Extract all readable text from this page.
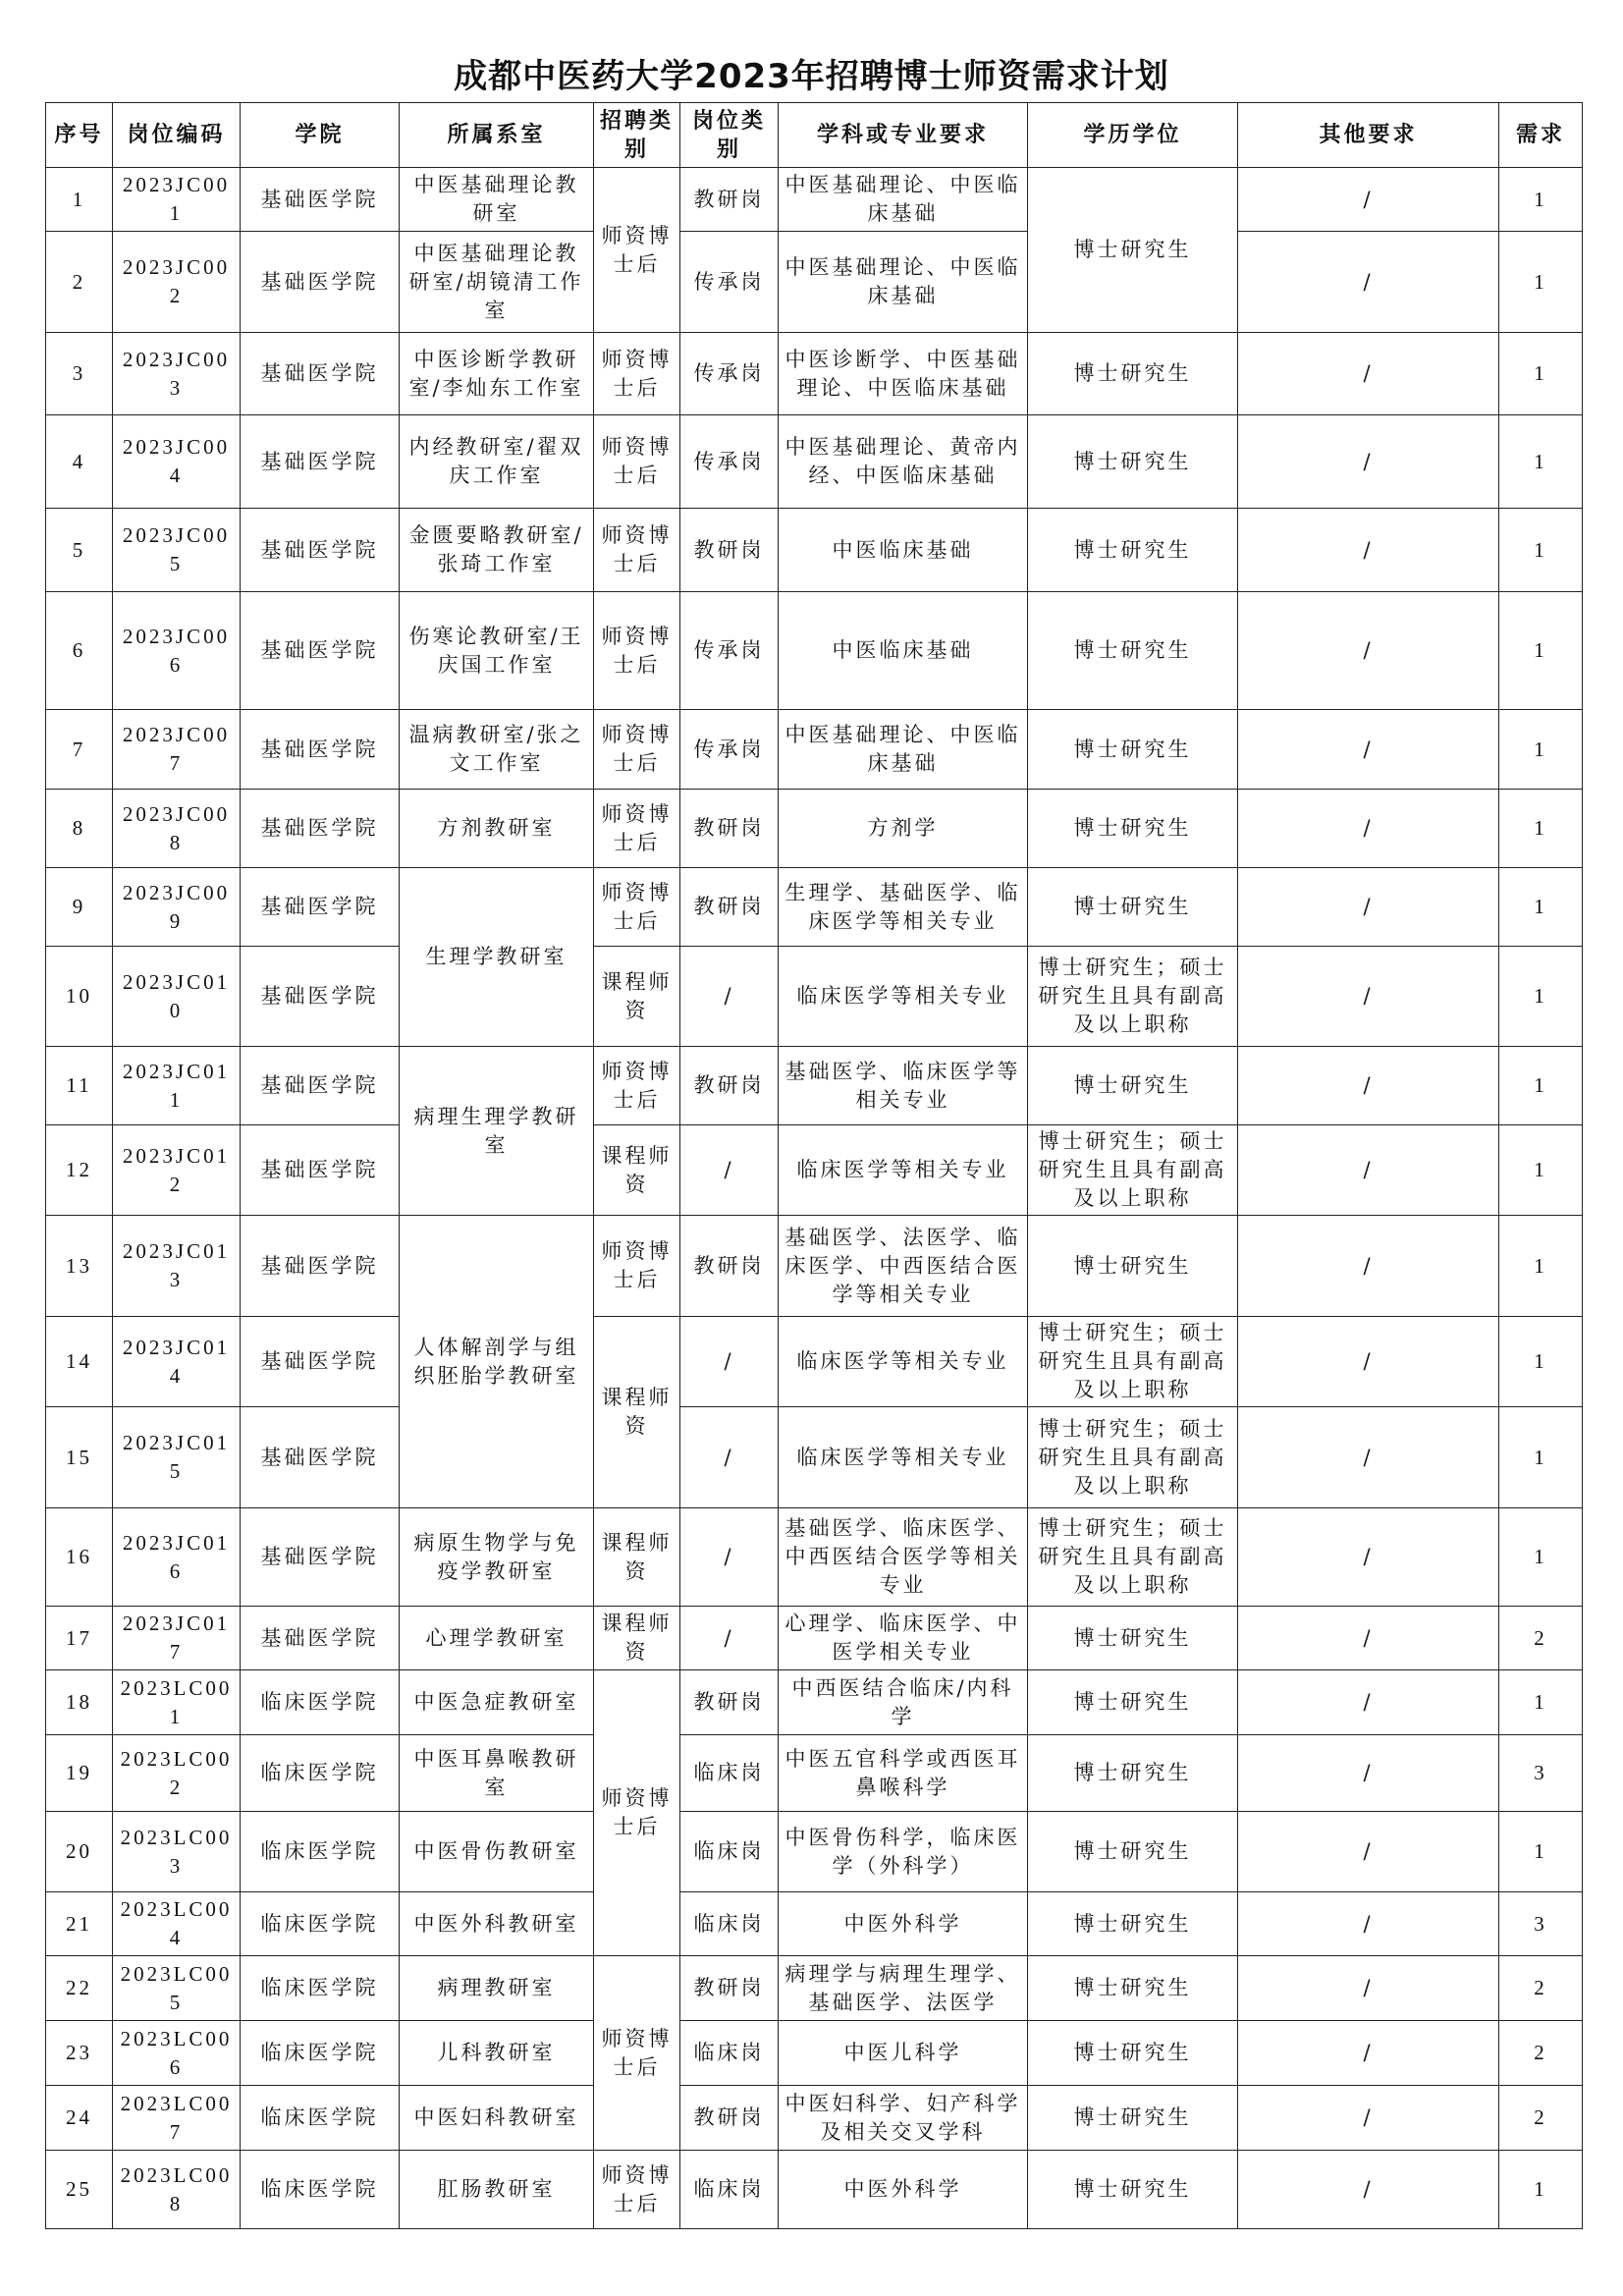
成都中医药大学2023年招聘博士师资需求计划
序号	岗位编码	学院	所属系室	招聘类别	岗位类别	学科或专业要求	学历学位	其他要求	需求
1	2023JC001	基础医学院	中医基础理论教研室	师资博士后	教研岗	中医基础理论、中医临床基础	博士研究生	/	1
2	2023JC002	基础医学院	中医基础理论教研室/胡镜清工作室		传承岗	中医基础理论、中医临床基础		/	1
3	2023JC003	基础医学院	中医诊断学教研室/李灿东工作室	师资博士后	传承岗	中医诊断学、中医基础理论、中医临床基础	博士研究生	/	1
4	2023JC004	基础医学院	内经教研室/翟双庆工作室	师资博士后	传承岗	中医基础理论、黄帝内经、中医临床基础	博士研究生	/	1
5	2023JC005	基础医学院	金匮要略教研室/张琦工作室	师资博士后	教研岗	中医临床基础	博士研究生	/	1
6	2023JC006	基础医学院	伤寒论教研室/王庆国工作室	师资博士后	传承岗	中医临床基础	博士研究生	/	1
7	2023JC007	基础医学院	温病教研室/张之文工作室	师资博士后	传承岗	中医基础理论、中医临床基础	博士研究生	/	1
8	2023JC008	基础医学院	方剂教研室	师资博士后	教研岗	方剂学	博士研究生	/	1
9	2023JC009	基础医学院	生理学教研室	师资博士后	教研岗	生理学、基础医学、临床医学等相关专业	博士研究生	/	1
10	2023JC010	基础医学院		课程师资	/	临床医学等相关专业	博士研究生；硕士研究生且具有副高及以上职称	/	1
11	2023JC011	基础医学院	病理生理学教研室	师资博士后	教研岗	基础医学、临床医学等相关专业	博士研究生	/	1
12	2023JC012	基础医学院		课程师资	/	临床医学等相关专业	博士研究生；硕士研究生且具有副高及以上职称	/	1
13	2023JC013	基础医学院	人体解剖学与组织胚胎学教研室	师资博士后	教研岗	基础医学、法医学、临床医学、中西医结合医学等相关专业	博士研究生	/	1
14	2023JC014	基础医学院		课程师资	/	临床医学等相关专业	博士研究生；硕士研究生且具有副高及以上职称	/	1
15	2023JC015	基础医学院			/	临床医学等相关专业	博士研究生；硕士研究生且具有副高及以上职称	/	1
16	2023JC016	基础医学院	病原生物学与免疫学教研室	课程师资	/	基础医学、临床医学、中西医结合医学等相关专业	博士研究生；硕士研究生且具有副高及以上职称	/	1
17	2023JC017	基础医学院	心理学教研室	课程师资	/	心理学、临床医学、中医学相关专业	博士研究生	/	2
18	2023LC001	临床医学院	中医急症教研室	师资博士后	教研岗	中西医结合临床/内科学	博士研究生	/	1
19	2023LC002	临床医学院	中医耳鼻喉教研室		临床岗	中医五官科学或西医耳鼻喉科学	博士研究生	/	3
20	2023LC003	临床医学院	中医骨伤教研室		临床岗	中医骨伤科学，临床医学（外科学）	博士研究生	/	1
21	2023LC004	临床医学院	中医外科教研室		临床岗	中医外科学	博士研究生	/	3
22	2023LC005	临床医学院	病理教研室	师资博士后	教研岗	病理学与病理生理学、基础医学、法医学	博士研究生	/	2
23	2023LC006	临床医学院	儿科教研室		临床岗	中医儿科学	博士研究生	/	2
24	2023LC007	临床医学院	中医妇科教研室		教研岗	中医妇科学、妇产科学及相关交叉学科	博士研究生	/	2
25	2023LC008	临床医学院	肛肠教研室	师资博士后	临床岗	中医外科学	博士研究生	/	1
